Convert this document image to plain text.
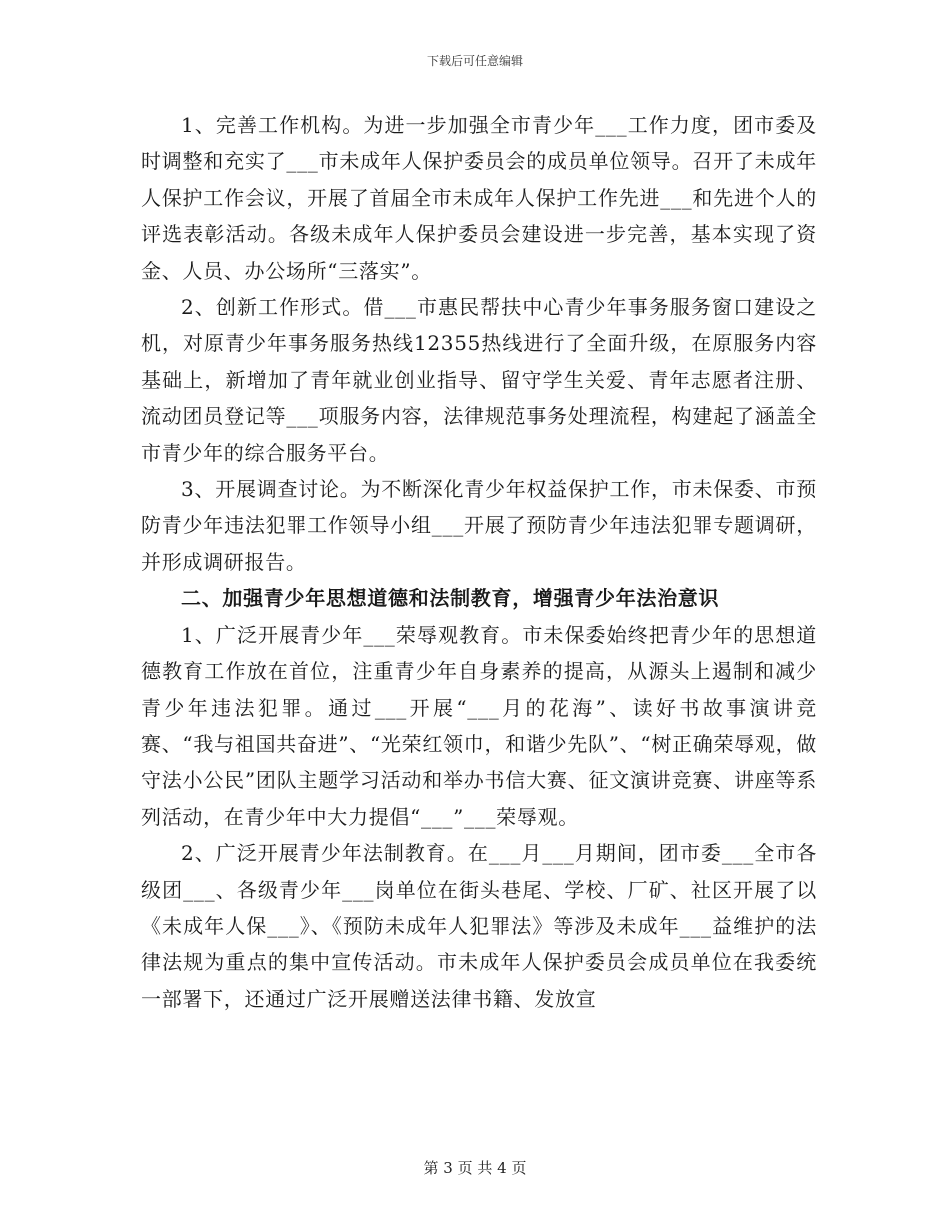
下载后可任意编辑

1、完善工作机构。为进一步加强全市青少年___工作力度，团市委及时调整和充实了___市未成年人保护委员会的成员单位领导。召开了未成年人保护工作会议，开展了首届全市未成年人保护工作先进___和先进个人的评选表彰活动。各级未成年人保护委员会建设进一步完善，基本实现了资金、人员、办公场所“三落实”。

2、创新工作形式。借___市惠民帮扶中心青少年事务服务窗口建设之机，对原青少年事务服务热线12355热线进行了全面升级，在原服务内容基础上，新增加了青年就业创业指导、留守学生关爱、青年志愿者注册、流动团员登记等___项服务内容，法律规范事务处理流程，构建起了涵盖全市青少年的综合服务平台。

3、开展调查讨论。为不断深化青少年权益保护工作，市未保委、市预防青少年违法犯罪工作领导小组___开展了预防青少年违法犯罪专题调研，并形成调研报告。

二、加强青少年思想道德和法制教育，增强青少年法治意识

1、广泛开展青少年___荣辱观教育。市未保委始终把青少年的思想道德教育工作放在首位，注重青少年自身素养的提高，从源头上遏制和减少青少年违法犯罪。通过___开展“___月的花海”、读好书故事演讲竞赛、“我与祖国共奋进”、“光荣红领巾，和谐少先队”、“树正确荣辱观，做守法小公民”团队主题学习活动和举办书信大赛、征文演讲竞赛、讲座等系列活动，在青少年中大力提倡“___”___荣辱观。

2、广泛开展青少年法制教育。在___月___月期间，团市委___全市各级团___、各级青少年___岗单位在街头巷尾、学校、厂矿、社区开展了以《未成年人保___》、《预防未成年人犯罪法》等涉及未成年___益维护的法律法规为重点的集中宣传活动。市未成年人保护委员会成员单位在我委统一部署下，还通过广泛开展赠送法律书籍、发放宣

第 3 页 共 4 页
